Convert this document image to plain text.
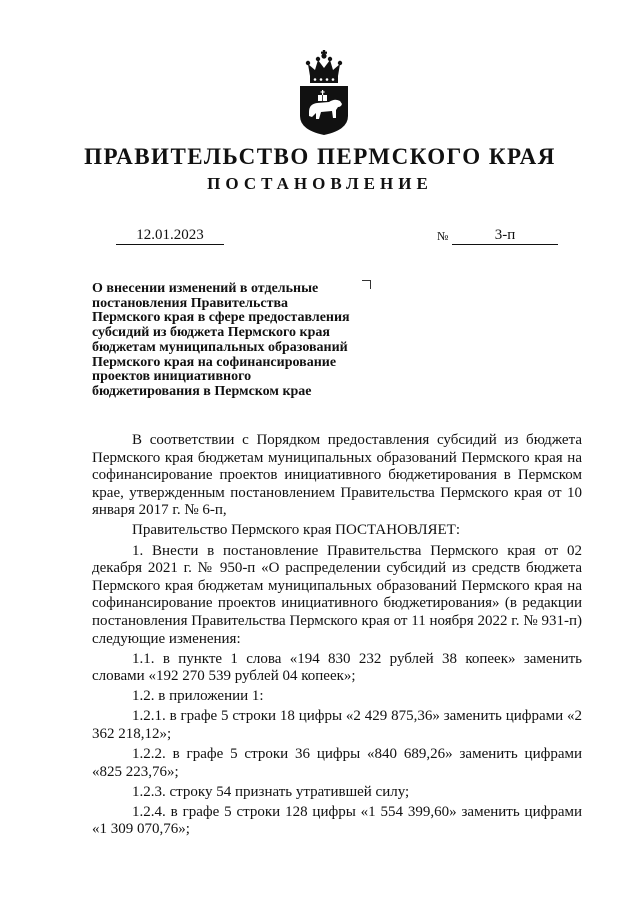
ПРАВИТЕЛЬСТВО ПЕРМСКОГО КРАЯ
ПОСТАНОВЛЕНИЕ
12.01.2023	№	3-п
О внесении изменений в отдельные
постановления Правительства
Пермского края в сфере предоставления
субсидий из бюджета Пермского края
бюджетам муниципальных образований
Пермского края на софинансирование
проектов инициативного
бюджетирования в Пермском крае

В соответствии с Порядком предоставления субсидий из бюджета Пермского края бюджетам муниципальных образований Пермского края на софинансирование проектов инициативного бюджетирования в Пермском крае, утвержденным постановлением Правительства Пермского края от 10 января 2017 г. № 6-п,

Правительство Пермского края ПОСТАНОВЛЯЕТ:

1. Внести в постановление Правительства Пермского края от 02 декабря 2021 г. № 950-п «О распределении субсидий из средств бюджета Пермского края бюджетам муниципальных образований Пермского края на софинансирование проектов инициативного бюджетирования» (в редакции постановления Правительства Пермского края от 11 ноября 2022 г. № 931-п) следующие изменения:

1.1. в пункте 1 слова «194 830 232 рублей 38 копеек» заменить словами «192 270 539 рублей 04 копеек»;

1.2. в приложении 1:

1.2.1. в графе 5 строки 18 цифры «2 429 875,36» заменить цифрами «2 362 218,12»;

1.2.2. в графе 5 строки 36 цифры «840 689,26» заменить цифрами «825 223,76»;

1.2.3. строку 54 признать утратившей силу;

1.2.4. в графе 5 строки 128 цифры «1 554 399,60» заменить цифрами «1 309 070,76»;
